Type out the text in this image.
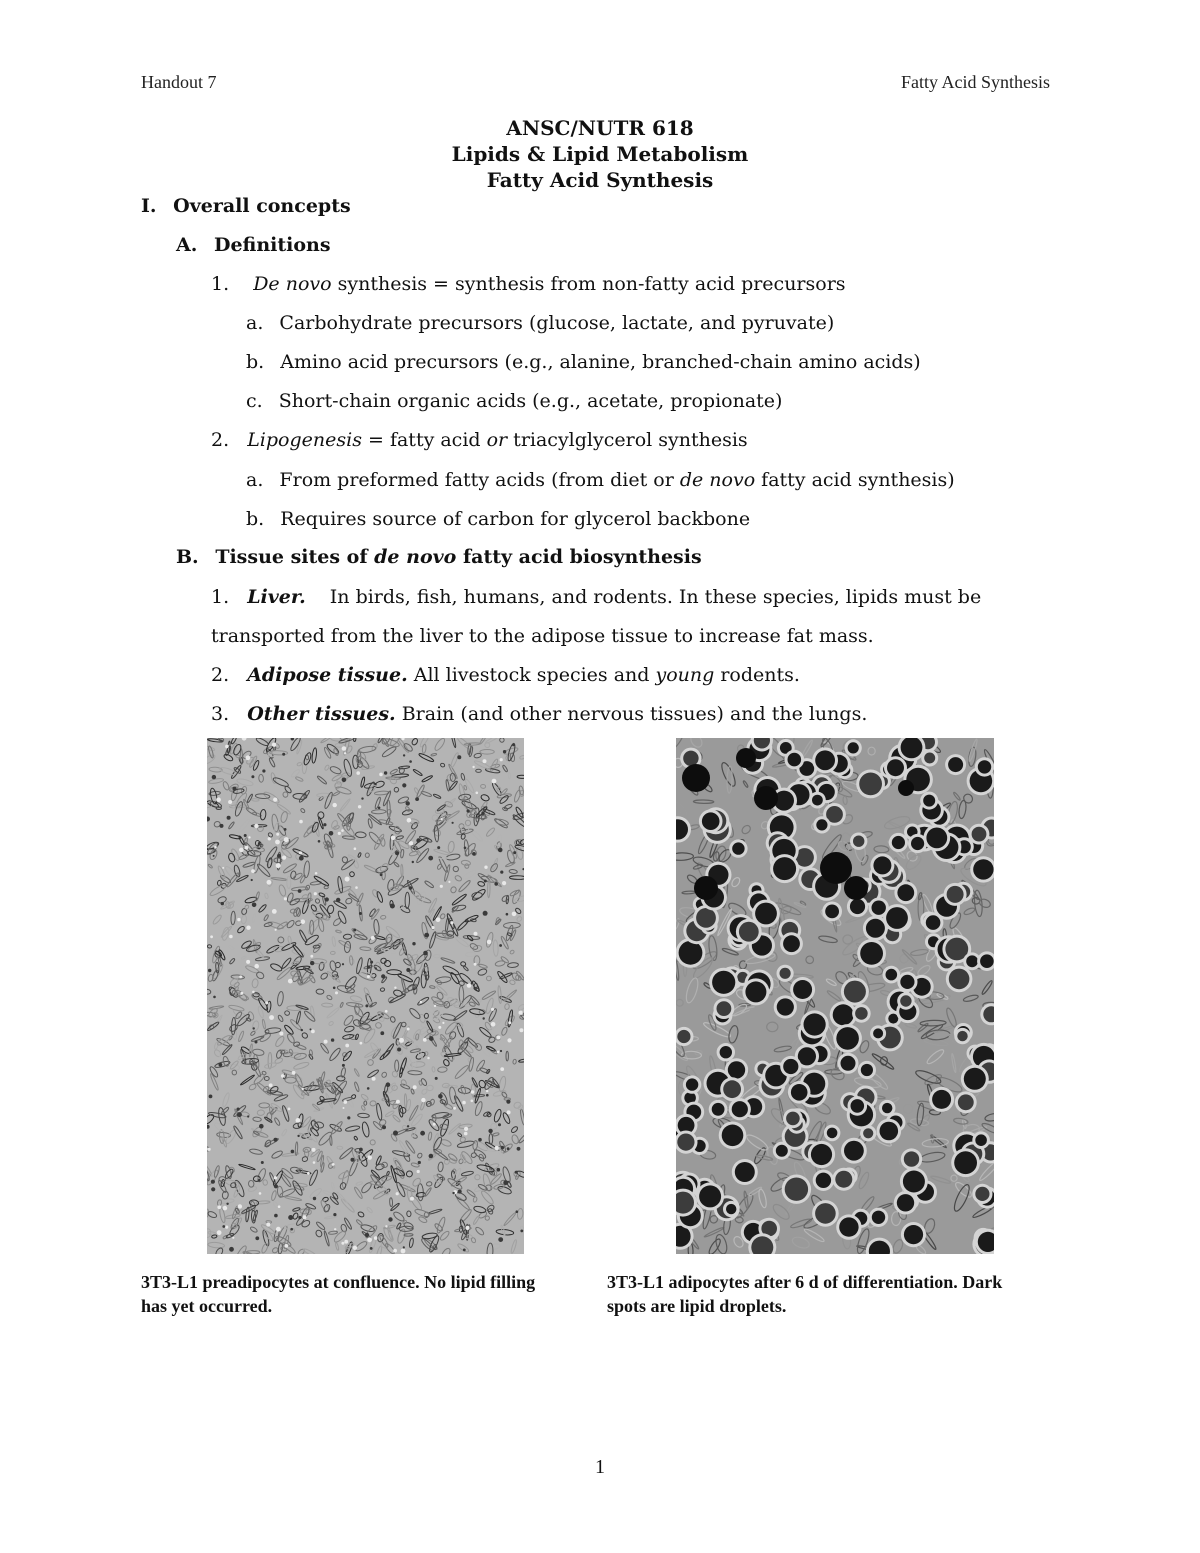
Handout 7	Fatty Acid Synthesis
ANSC/NUTR 618
Lipids & Lipid Metabolism
Fatty Acid Synthesis
I. Overall concepts
A. Definitions
1. De novo synthesis = synthesis from non-fatty acid precursors
a. Carbohydrate precursors (glucose, lactate, and pyruvate)
b. Amino acid precursors (e.g., alanine, branched-chain amino acids)
c. Short-chain organic acids (e.g., acetate, propionate)
2. Lipogenesis = fatty acid or triacylglycerol synthesis
a. From preformed fatty acids (from diet or de novo fatty acid synthesis)
b. Requires source of carbon for glycerol backbone
B. Tissue sites of de novo fatty acid biosynthesis
1. Liver. In birds, fish, humans, and rodents. In these species, lipids must be
transported from the liver to the adipose tissue to increase fat mass.
2. Adipose tissue. All livestock species and young rodents.
3. Other tissues. Brain (and other nervous tissues) and the lungs.
3T3-L1 preadipocytes at confluence. No lipid filling
has yet occurred.
3T3-L1 adipocytes after 6 d of differentiation. Dark
spots are lipid droplets.
1
